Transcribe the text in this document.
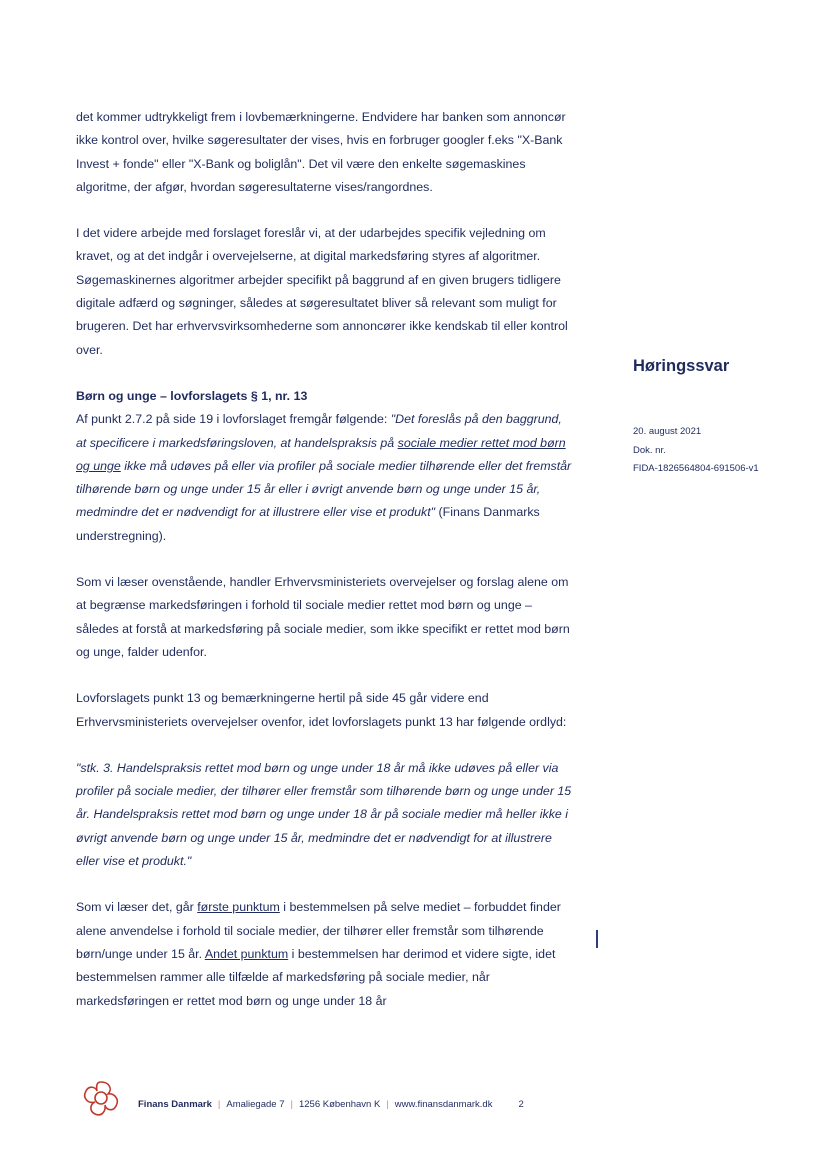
det kommer udtrykkeligt frem i lovbemærkningerne. Endvidere har banken som annoncør ikke kontrol over, hvilke søgeresultater der vises, hvis en forbruger googler f.eks "X-Bank Invest + fonde" eller "X-Bank og boliglån". Det vil være den enkelte søgemaskines algoritme, der afgør, hvordan søgeresultaterne vises/rangordnes.

I det videre arbejde med forslaget foreslår vi, at der udarbejdes specifik vejledning om kravet, og at det indgår i overvejelserne, at digital markedsføring styres af algoritmer. Søgemaskinernes algoritmer arbejder specifikt på baggrund af en given brugers tidligere digitale adfærd og søgninger, således at søgeresultatet bliver så relevant som muligt for brugeren. Det har erhvervsvirksomhederne som annoncører ikke kendskab til eller kontrol over.

Børn og unge – lovforslagets § 1, nr. 13

Af punkt 2.7.2 på side 19 i lovforslaget fremgår følgende: "Det foreslås på den baggrund, at specificere i markedsføringsloven, at handelspraksis på sociale medier rettet mod børn og unge ikke må udøves på eller via profiler på sociale medier tilhørende eller det fremstår tilhørende børn og unge under 15 år eller i øvrigt anvende børn og unge under 15 år, medmindre det er nødvendigt for at illustrere eller vise et produkt" (Finans Danmarks understregning).

Som vi læser ovenstående, handler Erhvervsministeriets overvejelser og forslag alene om at begrænse markedsføringen i forhold til sociale medier rettet mod børn og unge – således at forstå at markedsføring på sociale medier, som ikke specifikt er rettet mod børn og unge, falder udenfor.

Lovforslagets punkt 13 og bemærkningerne hertil på side 45 går videre end Erhvervsministeriets overvejelser ovenfor, idet lovforslagets punkt 13 har følgende ordlyd:

"stk. 3. Handelspraksis rettet mod børn og unge under 18 år må ikke udøves på eller via profiler på sociale medier, der tilhører eller fremstår som tilhørende børn og unge under 15 år. Handelspraksis rettet mod børn og unge under 18 år på sociale medier må heller ikke i øvrigt anvende børn og unge under 15 år, medmindre det er nødvendigt for at illustrere eller vise et produkt."

Som vi læser det, går første punktum i bestemmelsen på selve mediet – forbuddet finder alene anvendelse i forhold til sociale medier, der tilhører eller fremstår som tilhørende børn/unge under 15 år. Andet punktum i bestemmelsen har derimod et videre sigte, idet bestemmelsen rammer alle tilfælde af markedsføring på sociale medier, når markedsføringen er rettet mod børn og unge under 18 år

Høringssvar
20. august 2021
Dok. nr.
FIDA-1826564804-691506-v1
Finans Danmark | Amaliegade 7 | 1256 København K | www.finansdanmark.dk	2
